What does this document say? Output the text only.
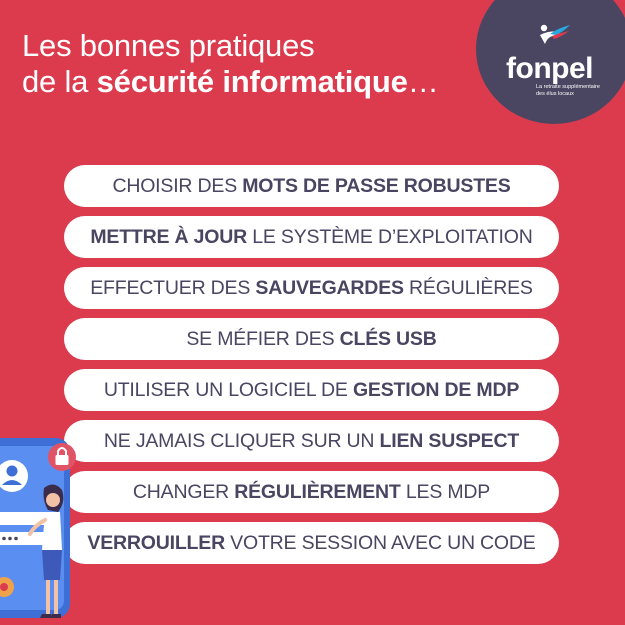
Les bonnes pratiques
de la sécurité informatique… fonpel
La retraite supplémentaire
des élus locaux
CHOISIR DES MOTS DE PASSE ROBUSTES
METTRE À JOUR LE SYSTÈME D’EXPLOITATION
EFFECTUER DES SAUVEGARDES RÉGULIÈRES
SE MÉFIER DES CLÉS USB
UTILISER UN LOGICIEL DE GESTION DE MDP
NE JAMAIS CLIQUER SUR UN LIEN SUSPECT
CHANGER RÉGULIÈREMENT LES MDP
VERROUILLER VOTRE SESSION AVEC UN CODE
